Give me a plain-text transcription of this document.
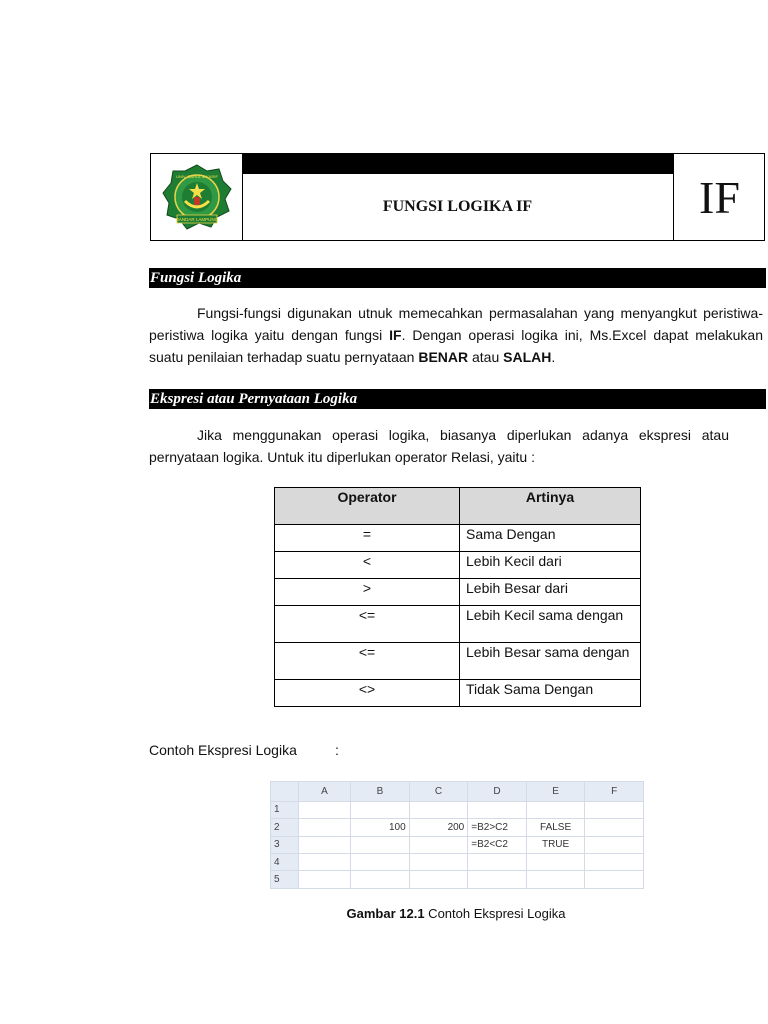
BANDAR LAMPUNG
UNIV. DARUL MA'ARIF
FUNGSI LOGIKA IF	IF
Fungsi Logika
Fungsi-fungsi digunakan utnuk memecahkan permasalahan yang menyangkut peristiwa- peristiwa logika yaitu dengan fungsi IF. Dengan operasi logika ini, Ms.Excel dapat melakukan suatu penilaian terhadap suatu pernyataan BENAR atau SALAH.
Ekspresi atau Pernyataan Logika
Jika menggunakan operasi logika, biasanya diperlukan adanya ekspresi atau pernyataan logika. Untuk itu diperlukan operator Relasi, yaitu :
Operator	Artinya
=	Sama Dengan
<	Lebih Kecil dari
>	Lebih Besar dari
<=	Lebih Kecil sama dengan
<=	Lebih Besar sama dengan
<>	Tidak Sama Dengan
Contoh Ekspresi Logika	:
	A	B	C	D	E	F
1						
2		100	200	=B2>C2	FALSE	
3				=B2<C2	TRUE	
4						
5						
Gambar 12.1 Contoh Ekspresi Logika
